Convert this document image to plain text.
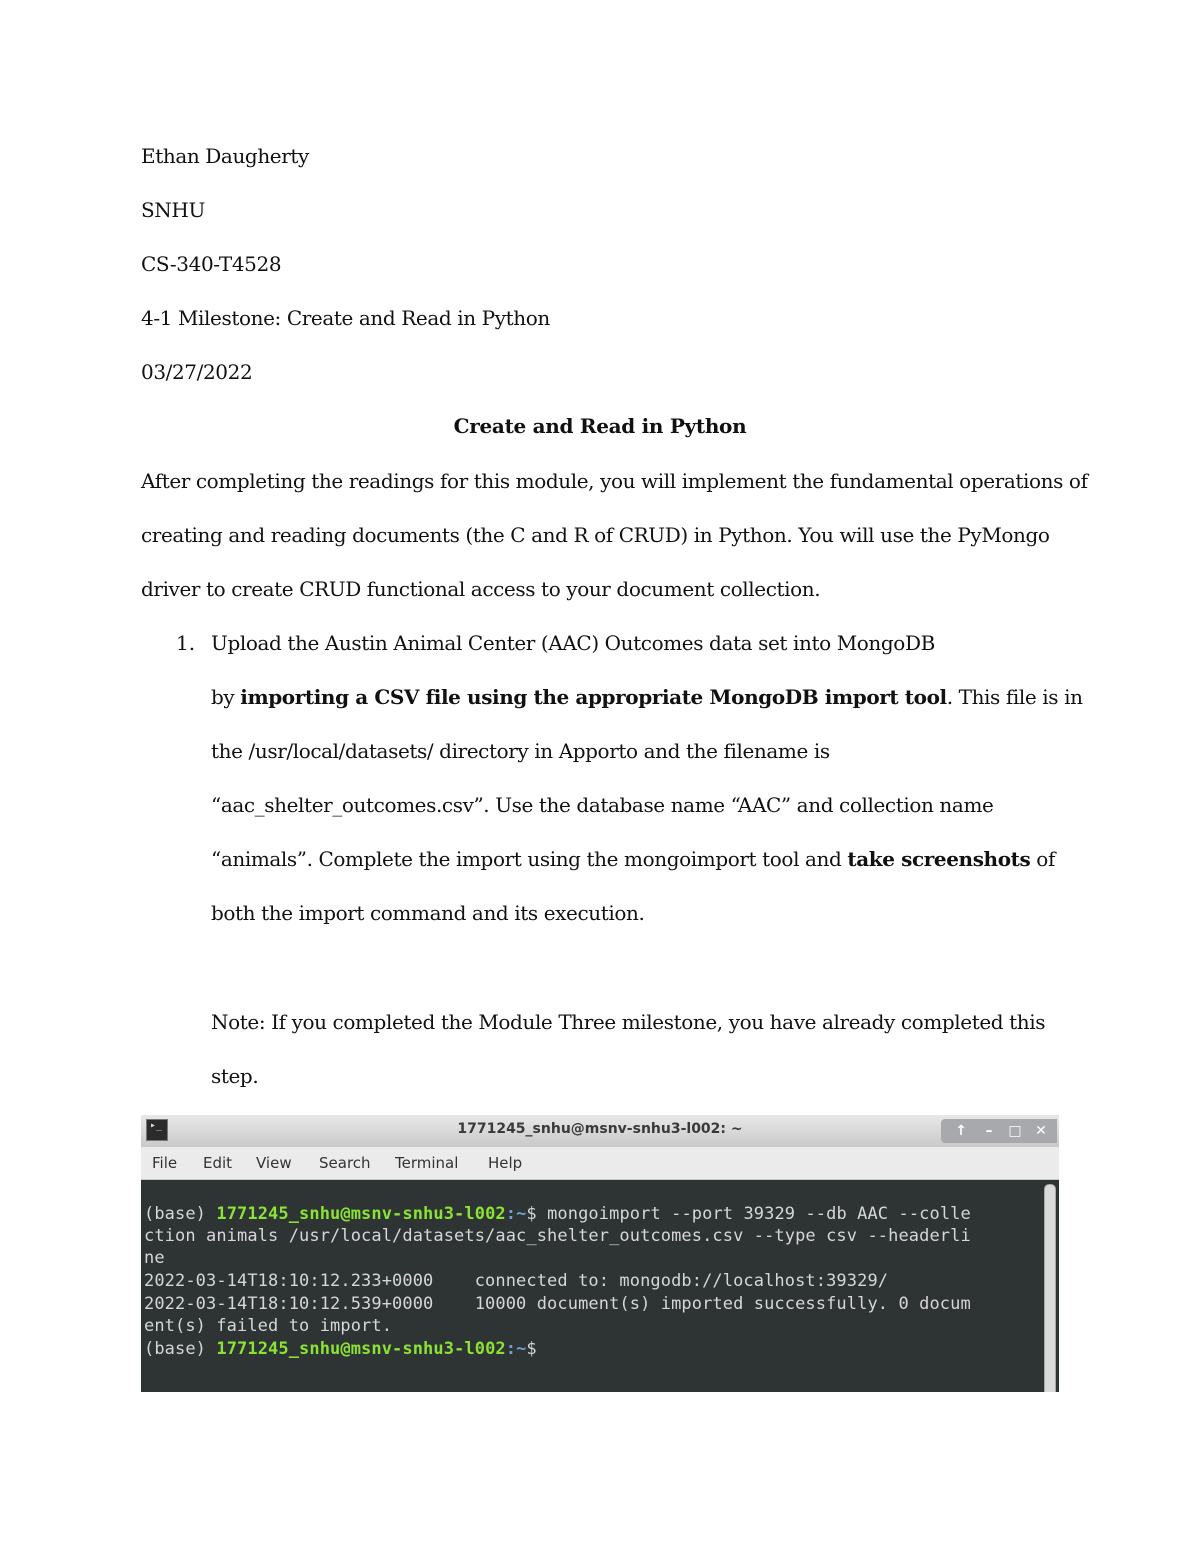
Ethan Daugherty
SNHU
CS-340-T4528
4-1 Milestone: Create and Read in Python
03/27/2022
Create and Read in Python
After completing the readings for this module, you will implement the fundamental operations of
creating and reading documents (the C and R of CRUD) in Python. You will use the PyMongo
driver to create CRUD functional access to your document collection.
1. Upload the Austin Animal Center (AAC) Outcomes data set into MongoDB
by importing a CSV file using the appropriate MongoDB import tool. This file is in
the /usr/local/datasets/ directory in Apporto and the filename is
“aac_shelter_outcomes.csv”. Use the database name “AAC” and collection name
“animals”. Complete the import using the mongoimport tool and take screenshots of
both the import command and its execution.
Note: If you completed the Module Three milestone, you have already completed this
step.
▸_	1771245_snhu@msnv-snhu3-l002: ~	↑	–	□ ✕
File Edit View Search Terminal Help
(base) 1771245_snhu@msnv-snhu3-l002:~$ mongoimport --port 39329 --db AAC --colle
ction animals /usr/local/datasets/aac_shelter_outcomes.csv --type csv --headerli
ne
2022-03-14T18:10:12.233+0000    connected to: mongodb://localhost:39329/
2022-03-14T18:10:12.539+0000    10000 document(s) imported successfully. 0 docum
ent(s) failed to import.
(base) 1771245_snhu@msnv-snhu3-l002:~$
